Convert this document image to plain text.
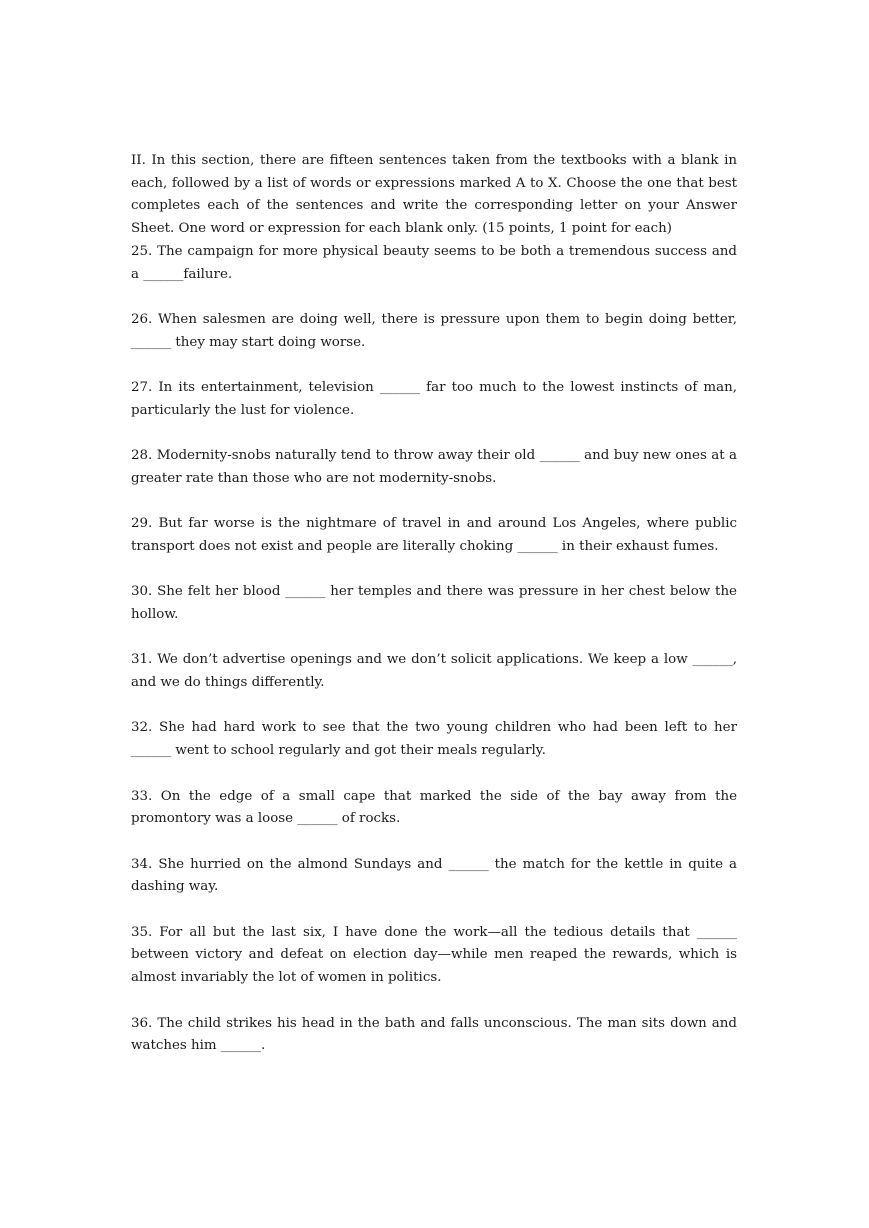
II. In this section, there are fifteen sentences taken from the textbooks with a blank in each, followed by a list of words or expressions marked A to X. Choose the one that best completes each of the sentences and write the corresponding letter on your Answer Sheet. One word or expression for each blank only. (15 points, 1 point for each)

25. The campaign for more physical beauty seems to be both a tremendous success and a ______failure.

26. When salesmen are doing well, there is pressure upon them to begin doing better, ______ they may start doing worse.

27. In its entertainment, television ______ far too much to the lowest instincts of man, particularly the lust for violence.

28. Modernity-snobs naturally tend to throw away their old ______ and buy new ones at a greater rate than those who are not modernity-snobs.

29. But far worse is the nightmare of travel in and around Los Angeles, where public transport does not exist and people are literally choking ______ in their exhaust fumes.

30. She felt her blood ______ her temples and there was pressure in her chest below the hollow.

31. We don’t advertise openings and we don’t solicit applications. We keep a low ______, and we do things differently.

32. She had hard work to see that the two young children who had been left to her ______ went to school regularly and got their meals regularly.

33. On the edge of a small cape that marked the side of the bay away from the promontory was a loose ______ of rocks.

34. She hurried on the almond Sundays and ______ the match for the kettle in quite a dashing way.

35. For all but the last six, I have done the work—all the tedious details that ______ between victory and defeat on election day—while men reaped the rewards, which is almost invariably the lot of women in politics.

36. The child strikes his head in the bath and falls unconscious. The man sits down and watches him ______.
